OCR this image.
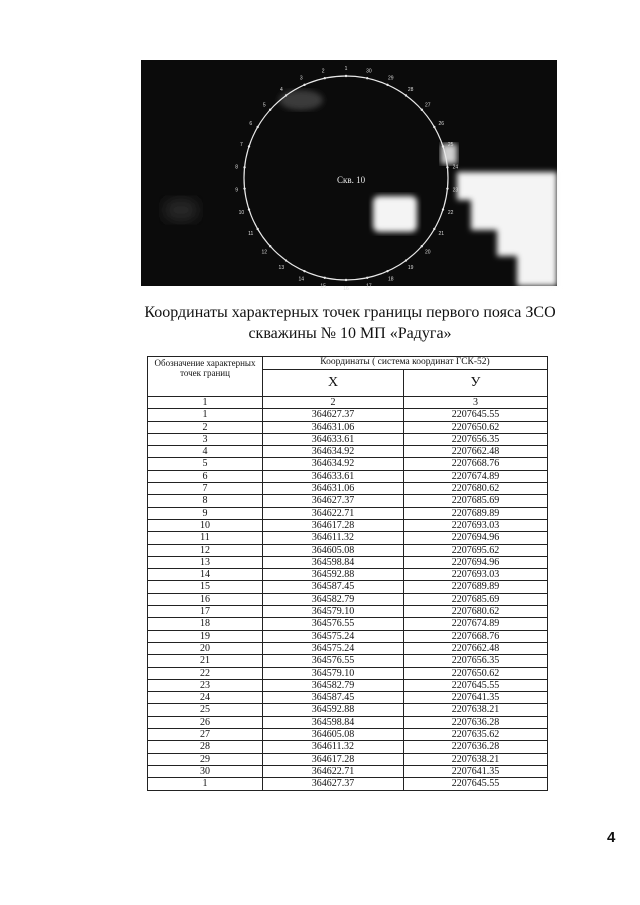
Скв. 10
1
2
3
4
5
6
7
8
9
10
11
12
13
14
15	16	17
18
19
20
21
22
23
24
25
26
27
28
29
30
Координаты характерных точек границы первого пояса ЗСО
скважины № 10 МП «Радуга»
Обозначение характерных точек границ	Координаты ( система координат ГСК-52)	
	X	У
1	2	3
1	364627.37	2207645.55
2	364631.06	2207650.62
3	364633.61	2207656.35
4	364634.92	2207662.48
5	364634.92	2207668.76
6	364633.61	2207674.89
7	364631.06	2207680.62
8	364627.37	2207685.69
9	364622.71	2207689.89
10	364617.28	2207693.03
11	364611.32	2207694.96
12	364605.08	2207695.62
13	364598.84	2207694.96
14	364592.88	2207693.03
15	364587.45	2207689.89
16	364582.79	2207685.69
17	364579.10	2207680.62
18	364576.55	2207674.89
19	364575.24	2207668.76
20	364575.24	2207662.48
21	364576.55	2207656.35
22	364579.10	2207650.62
23	364582.79	2207645.55
24	364587.45	2207641.35
25	364592.88	2207638.21
26	364598.84	2207636.28
27	364605.08	2207635.62
28	364611.32	2207636.28
29	364617.28	2207638.21
30	364622.71	2207641.35
1	364627.37	2207645.55
4
